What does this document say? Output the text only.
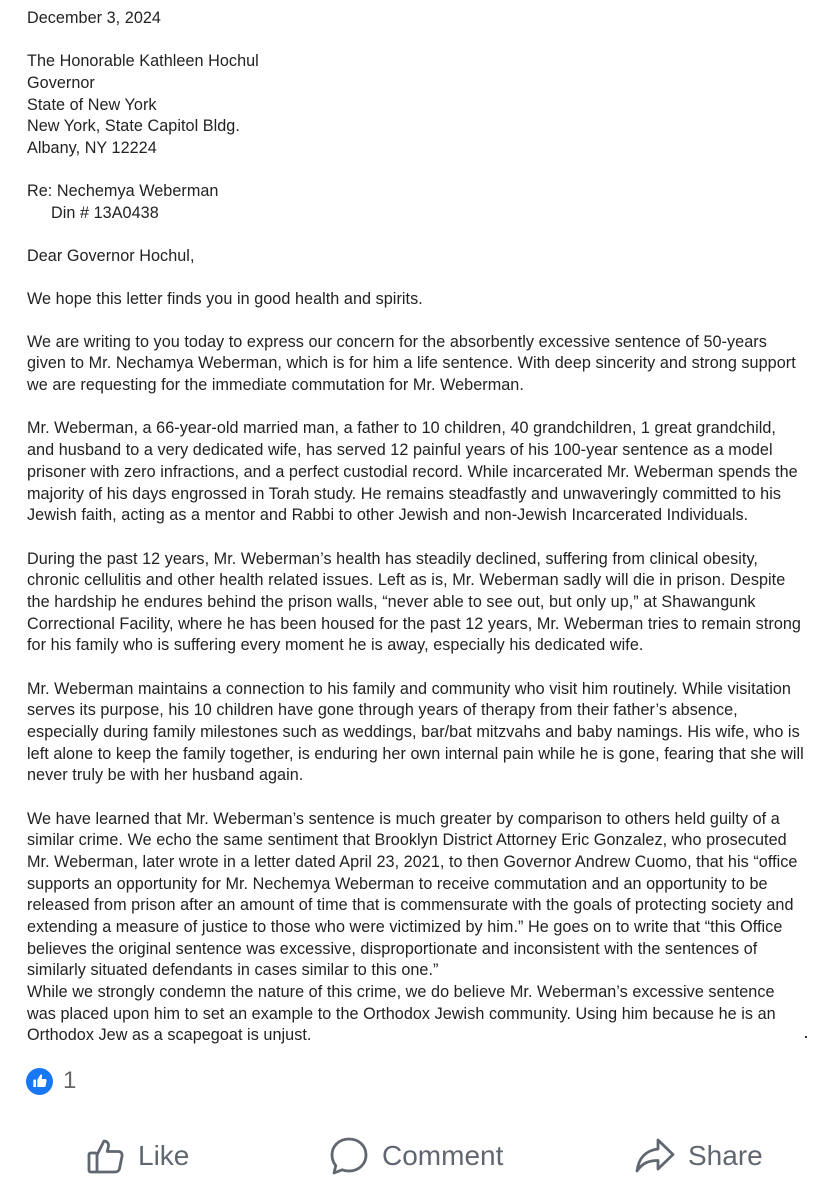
December 3, 2024
The Honorable Kathleen Hochul
Governor
State of New York
New York, State Capitol Bldg.
Albany, NY 12224
Re: Nechemya Weberman
Din # 13A0438
Dear Governor Hochul,
We hope this letter finds you in good health and spirits.
We are writing to you today to express our concern for the absorbently excessive sentence of 50-years
given to Mr. Nechamya Weberman, which is for him a life sentence. With deep sincerity and strong support
we are requesting for the immediate commutation for Mr. Weberman.
Mr. Weberman, a 66-year-old married man, a father to 10 children, 40 grandchildren, 1 great grandchild,
and husband to a very dedicated wife, has served 12 painful years of his 100-year sentence as a model
prisoner with zero infractions, and a perfect custodial record. While incarcerated Mr. Weberman spends the
majority of his days engrossed in Torah study. He remains steadfastly and unwaveringly committed to his
Jewish faith, acting as a mentor and Rabbi to other Jewish and non-Jewish Incarcerated Individuals.
During the past 12 years, Mr. Weberman’s health has steadily declined, suffering from clinical obesity,
chronic cellulitis and other health related issues. Left as is, Mr. Weberman sadly will die in prison. Despite
the hardship he endures behind the prison walls, “never able to see out, but only up,” at Shawangunk
Correctional Facility, where he has been housed for the past 12 years, Mr. Weberman tries to remain strong
for his family who is suffering every moment he is away, especially his dedicated wife.
Mr. Weberman maintains a connection to his family and community who visit him routinely. While visitation
serves its purpose, his 10 children have gone through years of therapy from their father’s absence,
especially during family milestones such as weddings, bar/bat mitzvahs and baby namings. His wife, who is
left alone to keep the family together, is enduring her own internal pain while he is gone, fearing that she will
never truly be with her husband again.
We have learned that Mr. Weberman’s sentence is much greater by comparison to others held guilty of a
similar crime. We echo the same sentiment that Brooklyn District Attorney Eric Gonzalez, who prosecuted
Mr. Weberman, later wrote in a letter dated April 23, 2021, to then Governor Andrew Cuomo, that his “office
supports an opportunity for Mr. Nechemya Weberman to receive commutation and an opportunity to be
released from prison after an amount of time that is commensurate with the goals of protecting society and
extending a measure of justice to those who were victimized by him.” He goes on to write that “this Office
believes the original sentence was excessive, disproportionate and inconsistent with the sentences of
similarly situated defendants in cases similar to this one.”
While we strongly condemn the nature of this crime, we do believe Mr. Weberman’s excessive sentence
was placed upon him to set an example to the Orthodox Jewish community. Using him because he is an
Orthodox Jew as a scapegoat is unjust.
1
Like	Comment	Share
